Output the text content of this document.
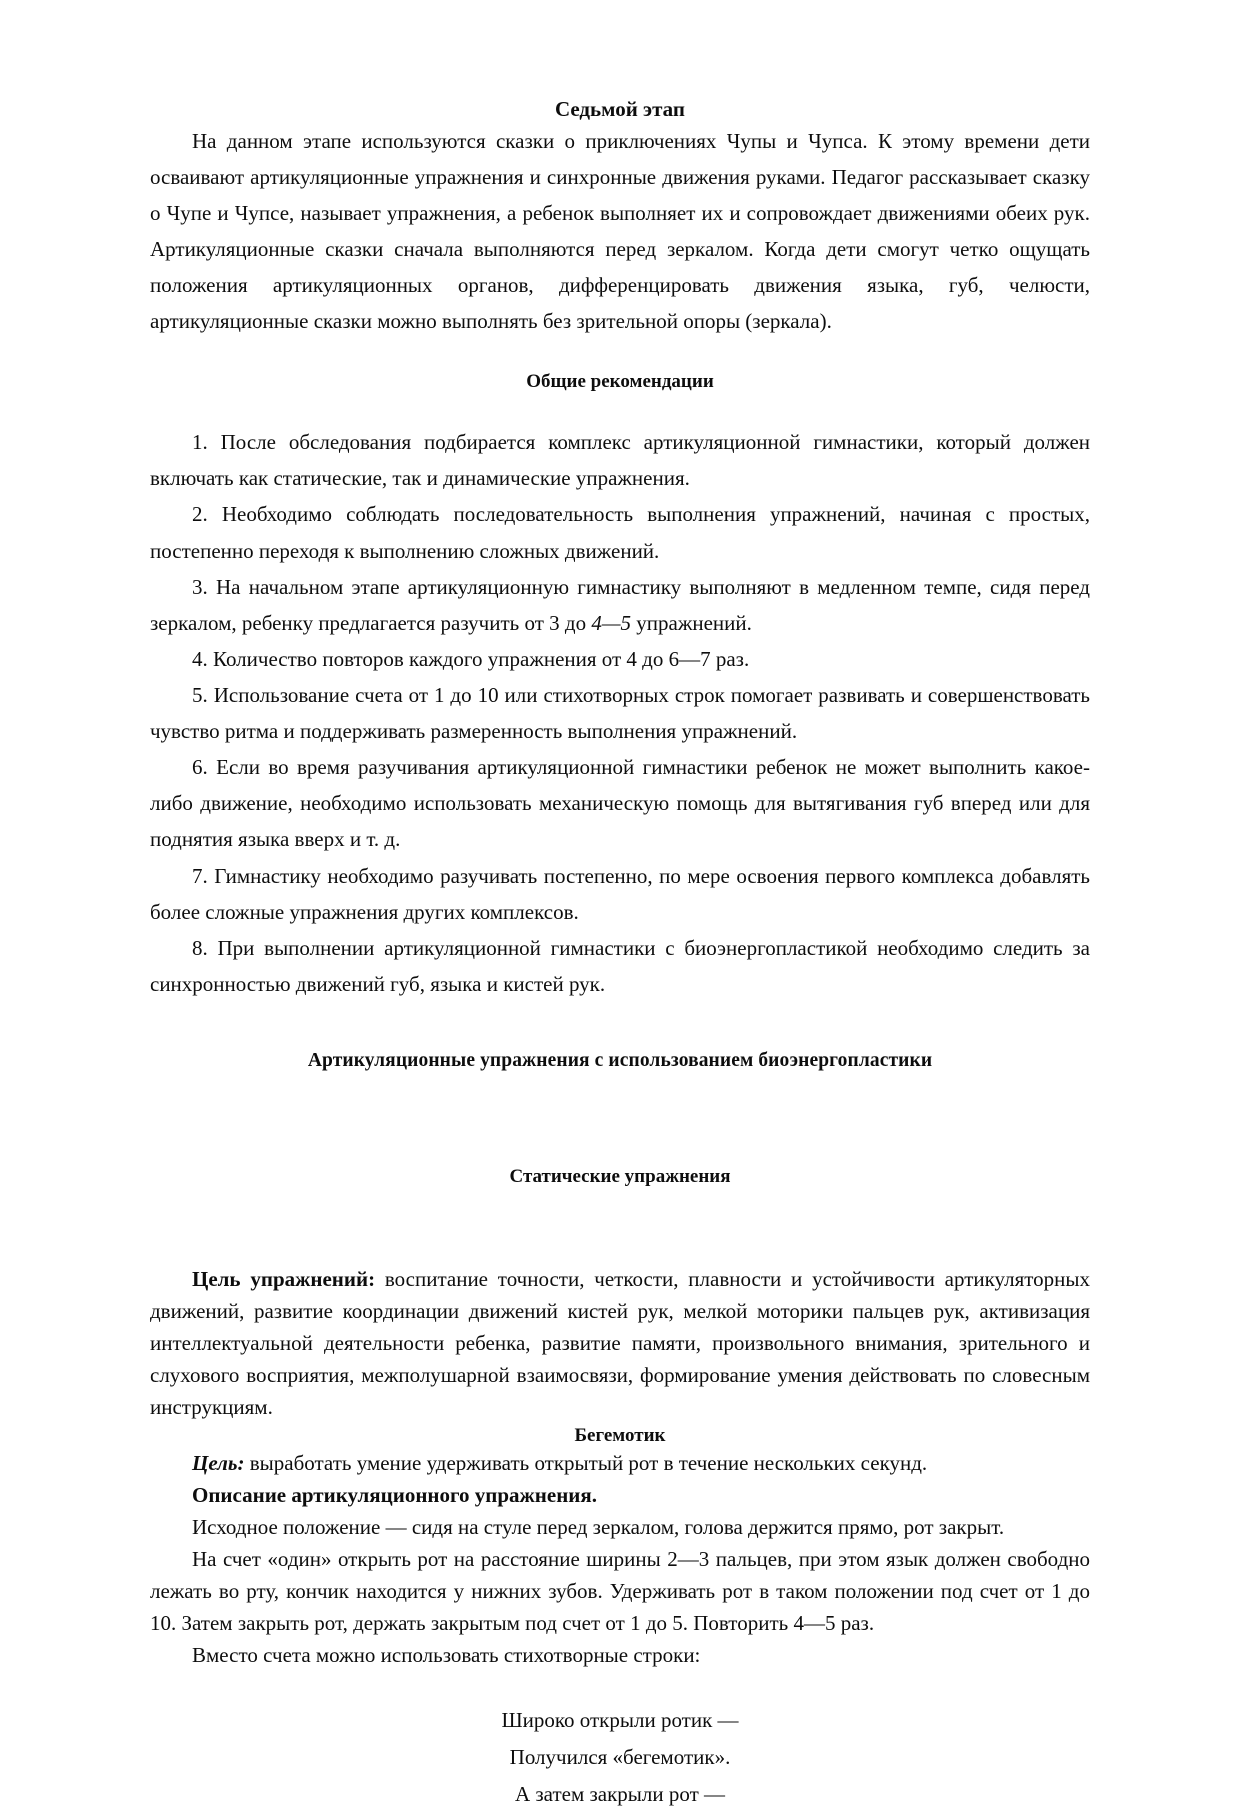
Седьмой этап

На данном этапе используются сказки о приключениях Чупы и Чупса. К этому времени дети осваивают артикуляционные упражнения и синхронные движения руками. Педагог рассказывает сказку о Чупе и Чупсе, называет упражнения, а ребенок выполняет их и сопровождает движениями обеих рук. Артикуляционные сказки сначала выполняются перед зеркалом. Когда дети смогут четко ощущать положения артикуляционных органов, дифференцировать движения языка, губ, челюсти, артикуляционные сказки можно выполнять без зрительной опоры (зеркала).

Общие рекомендации

1. После обследования подбирается комплекс артикуляционной гимнастики, который должен включать как статические, так и динамические упражнения.

2. Необходимо соблюдать последовательность выполнения упражнений, начиная с простых, постепенно переходя к выполнению сложных движений.

3. На начальном этапе артикуляционную гимнастику выполняют в медленном темпе, сидя перед зеркалом, ребенку предлагается разучить от 3 до 4—5 упражнений.

4. Количество повторов каждого упражнения от 4 до 6—7 раз.

5. Использование счета от 1 до 10 или стихотворных строк помогает развивать и совершенствовать чувство ритма и поддерживать размеренность выполнения упражнений.

6. Если во время разучивания артикуляционной гимнастики ребенок не может выполнить какое-либо движение, необходимо использовать механическую помощь для вытягивания губ вперед или для поднятия языка вверх и т. д.

7. Гимнастику необходимо разучивать постепенно, по мере освоения первого комплекса добавлять более сложные упражнения других комплексов.

8. При выполнении артикуляционной гимнастики с биоэнергопластикой необходимо следить за синхронностью движений губ, языка и кистей рук.

Артикуляционные упражнения с использованием биоэнергопластики
Статические упражнения

Цель упражнений: воспитание точности, четкости, плавности и устойчивости артикуляторных движений, развитие координации движений кистей рук, мелкой моторики пальцев рук, активизация интеллектуальной деятельности ребенка, развитие памяти, произвольного внимания, зрительного и слухового восприятия, межполушарной взаимосвязи, формирование умения действовать по словесным инструкциям.

Бегемотик

Цель: выработать умение удерживать открытый рот в течение нескольких секунд.

Описание артикуляционного упражнения.

Исходное положение — сидя на стуле перед зеркалом, голова держится прямо, рот закрыт.

На счет «один» открыть рот на расстояние ширины 2—3 пальцев, при этом язык должен свободно лежать во рту, кончик находится у нижних зубов. Удерживать рот в таком положении под счет от 1 до 10. Затем закрыть рот, держать закрытым под счет от 1 до 5. Повторить 4—5 раз.

Вместо счета можно использовать стихотворные строки:

Широко открыли ротик —
Получился «бегемотик».
А затем закрыли рот —
